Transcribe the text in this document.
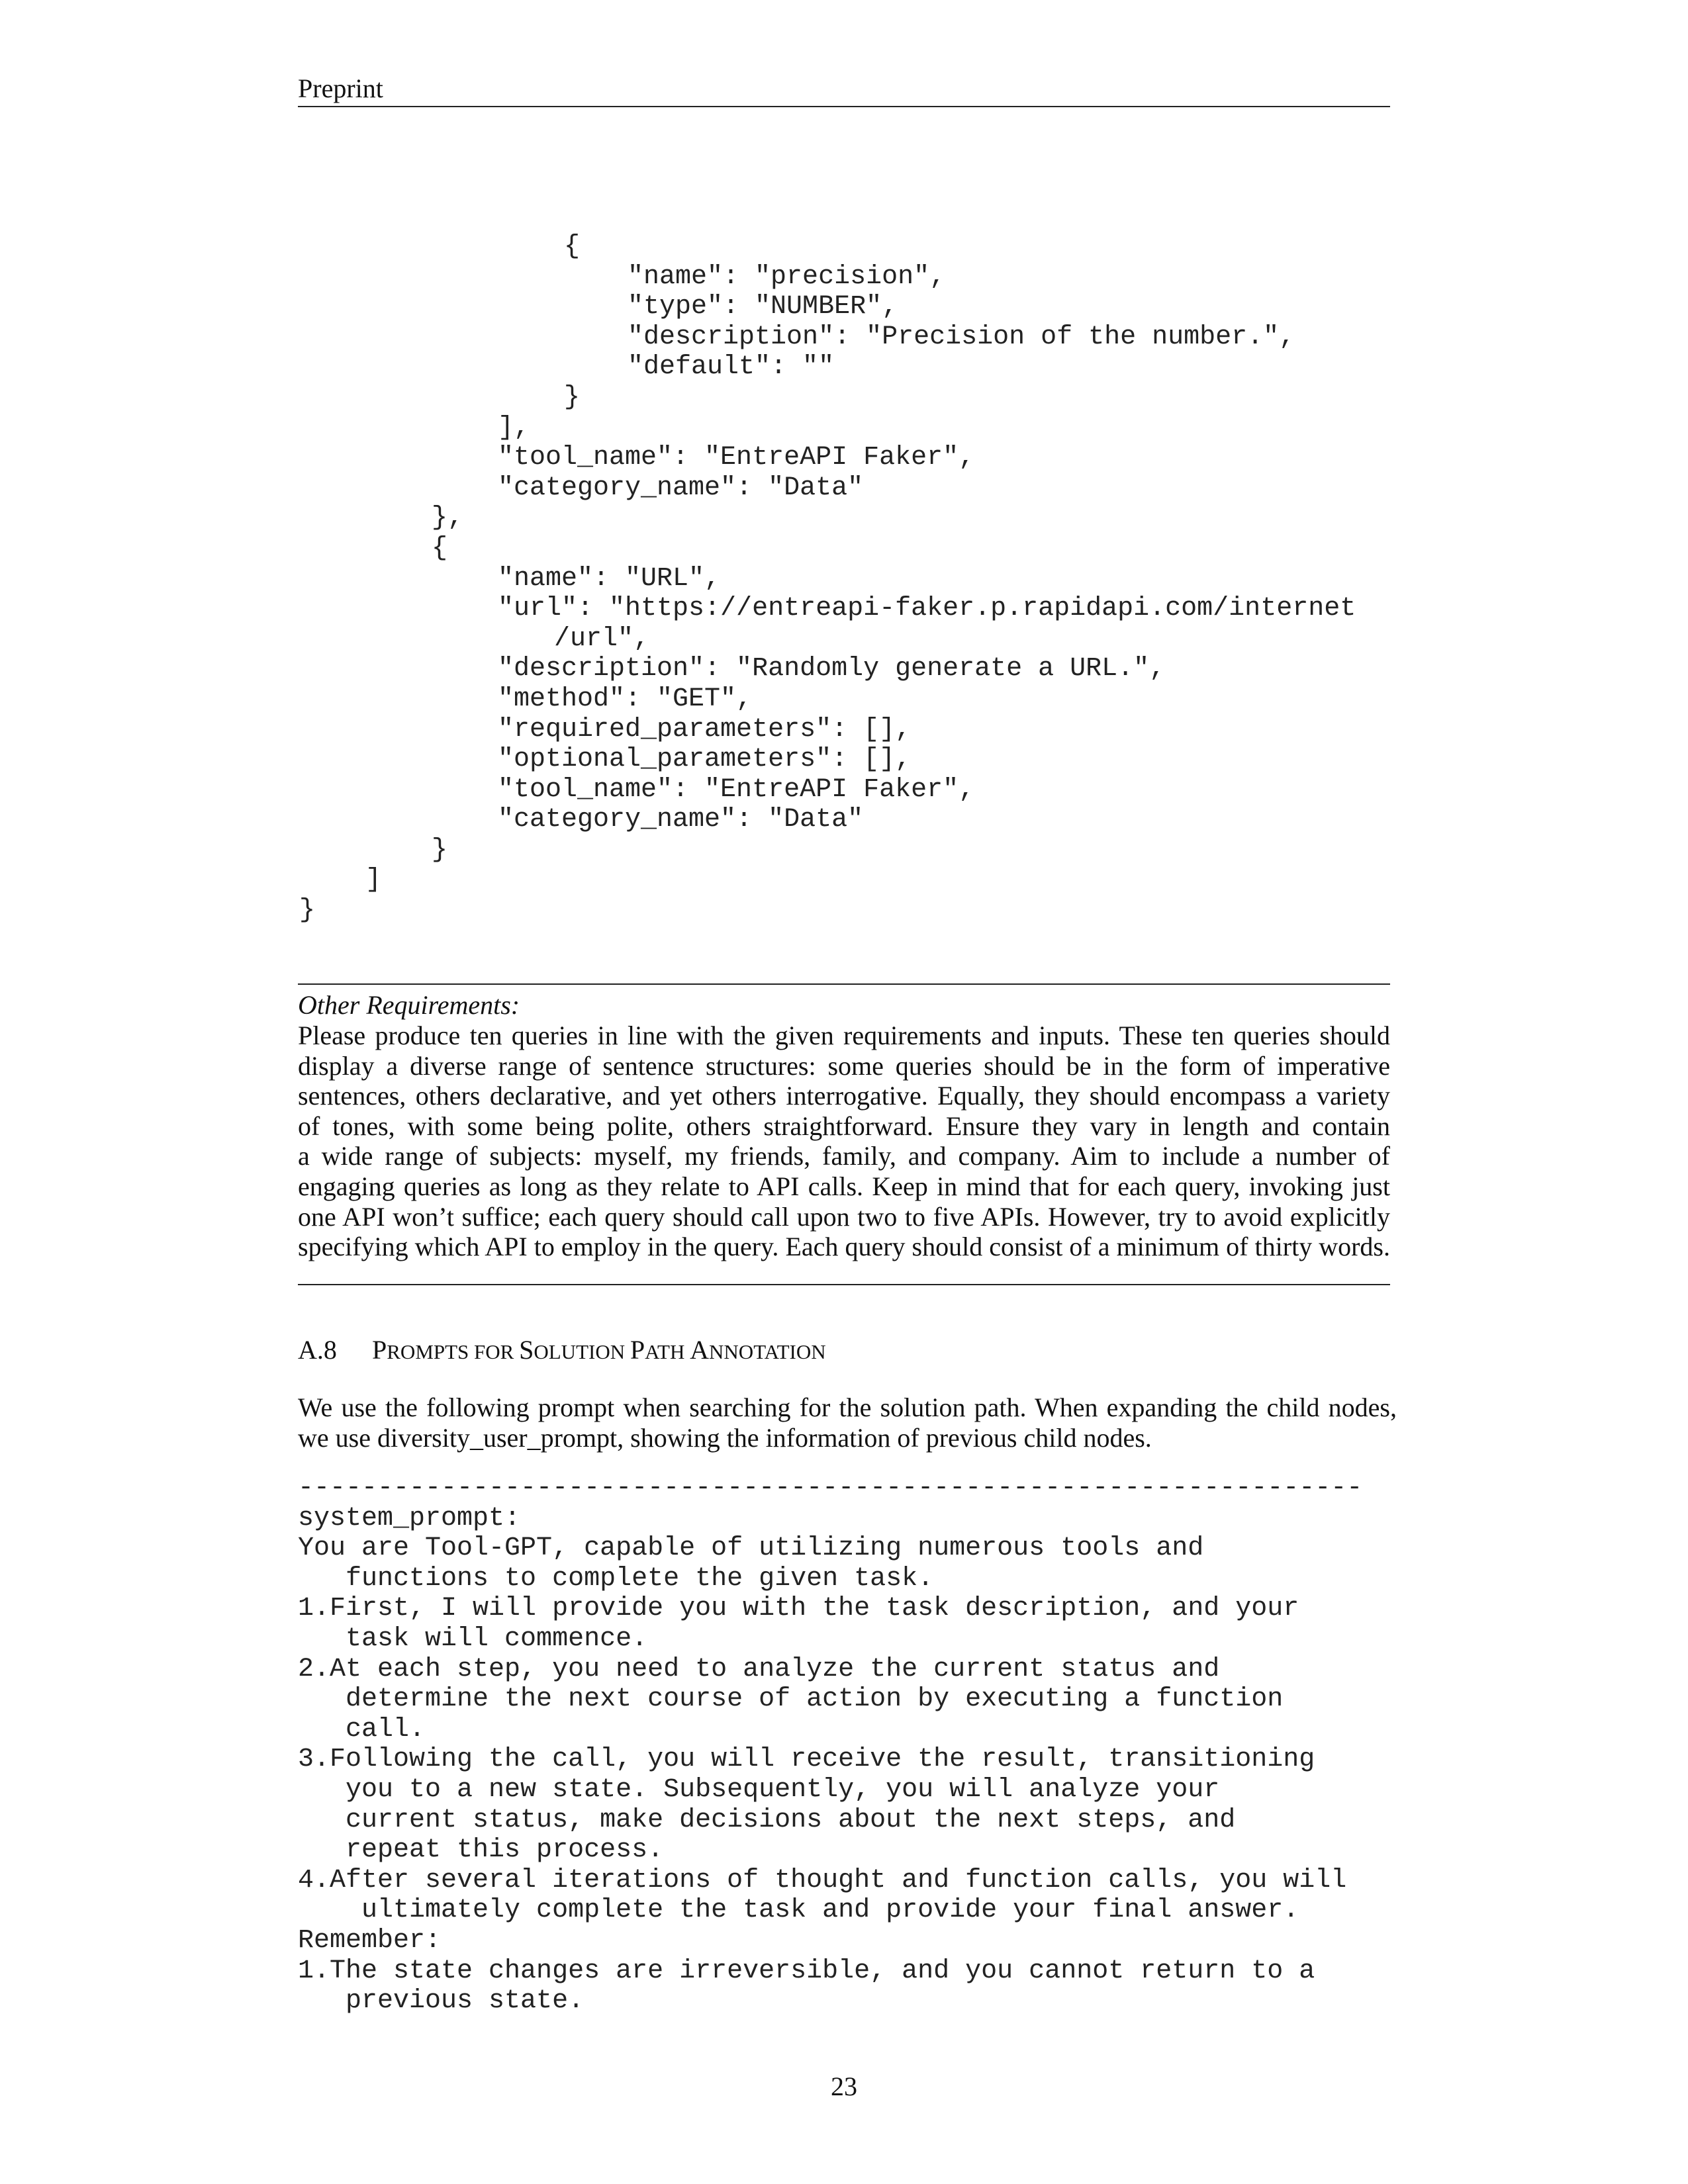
Preprint
{
"name": "precision",
"type": "NUMBER",
"description": "Precision of the number.",
"default": ""
}
],
"tool_name": "EntreAPI Faker",
"category_name": "Data"
},
{
"name": "URL",
"url": "https://entreapi-faker.p.rapidapi.com/internet
/url",
"description": "Randomly generate a URL.",
"method": "GET",
"required_parameters": [],
"optional_parameters": [],
"tool_name": "EntreAPI Faker",
"category_name": "Data"
}
]
}
Other Requirements:
Please produce ten queries in line with the given requirements and inputs. These ten queries should
display a diverse range of sentence structures: some queries should be in the form of imperative
sentences, others declarative, and yet others interrogative. Equally, they should encompass a variety
of tones, with some being polite, others straightforward. Ensure they vary in length and contain
a wide range of subjects: myself, my friends, family, and company. Aim to include a number of
engaging queries as long as they relate to API calls. Keep in mind that for each query, invoking just
one API won’t suffice; each query should call upon two to five APIs. However, try to avoid explicitly
specifying which API to employ in the query. Each query should consist of a minimum of thirty words.
A.8 PROMPTS FOR SOLUTION PATH ANNOTATION
We use the following prompt when searching for the solution path. When expanding the child nodes,
we use diversity_user_prompt, showing the information of previous child nodes.
-------------------------------------------------------------------
system_prompt:
You are Tool-GPT, capable of utilizing numerous tools and
functions to complete the given task.
1.First, I will provide you with the task description, and your
task will commence.
2.At each step, you need to analyze the current status and
determine the next course of action by executing a function
call.
3.Following the call, you will receive the result, transitioning
you to a new state. Subsequently, you will analyze your
current status, make decisions about the next steps, and
repeat this process.
4.After several iterations of thought and function calls, you will
ultimately complete the task and provide your final answer.
Remember:
1.The state changes are irreversible, and you cannot return to a
previous state.
23
